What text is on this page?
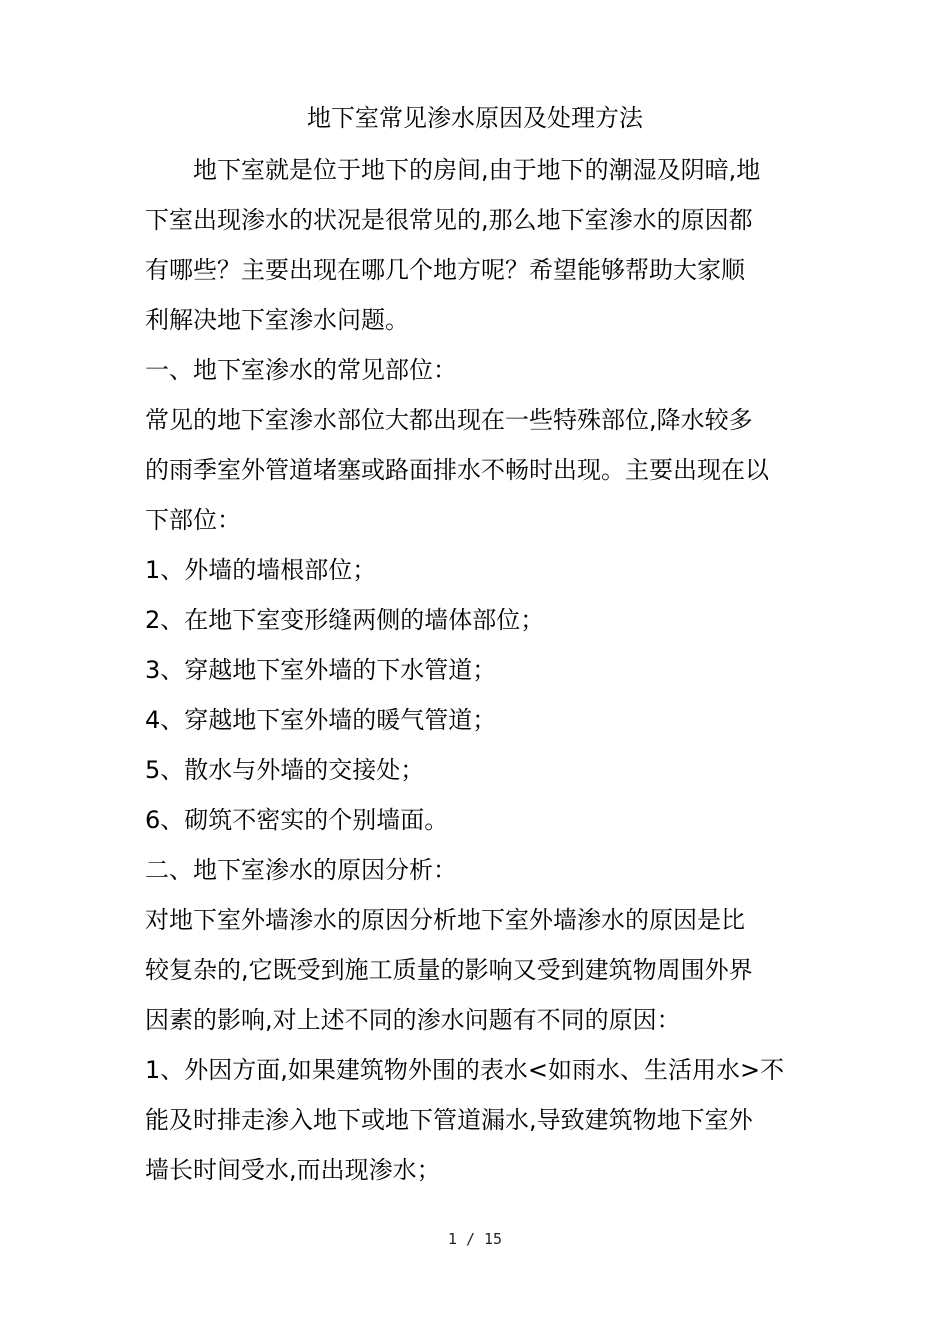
地下室常见渗水原因及处理方法
　　地下室就是位于地下的房间,由于地下的潮湿及阴暗,地
下室出现渗水的状况是很常见的,那么地下室渗水的原因都
有哪些？主要出现在哪几个地方呢？希望能够帮助大家顺
利解决地下室渗水问题。
一、地下室渗水的常见部位：
常见的地下室渗水部位大都出现在一些特殊部位,降水较多
的雨季室外管道堵塞或路面排水不畅时出现。主要出现在以
下部位：
1、外墙的墙根部位；
2、在地下室变形缝两侧的墙体部位；
3、穿越地下室外墙的下水管道；
4、穿越地下室外墙的暖气管道；
5、散水与外墙的交接处；
6、砌筑不密实的个别墙面。
二、地下室渗水的原因分析：
对地下室外墙渗水的原因分析地下室外墙渗水的原因是比
较复杂的,它既受到施工质量的影响又受到建筑物周围外界
因素的影响,对上述不同的渗水问题有不同的原因：
1、外因方面,如果建筑物外围的表水<如雨水、生活用水>不
能及时排走渗入地下或地下管道漏水,导致建筑物地下室外
墙长时间受水,而出现渗水；
1 / 15
